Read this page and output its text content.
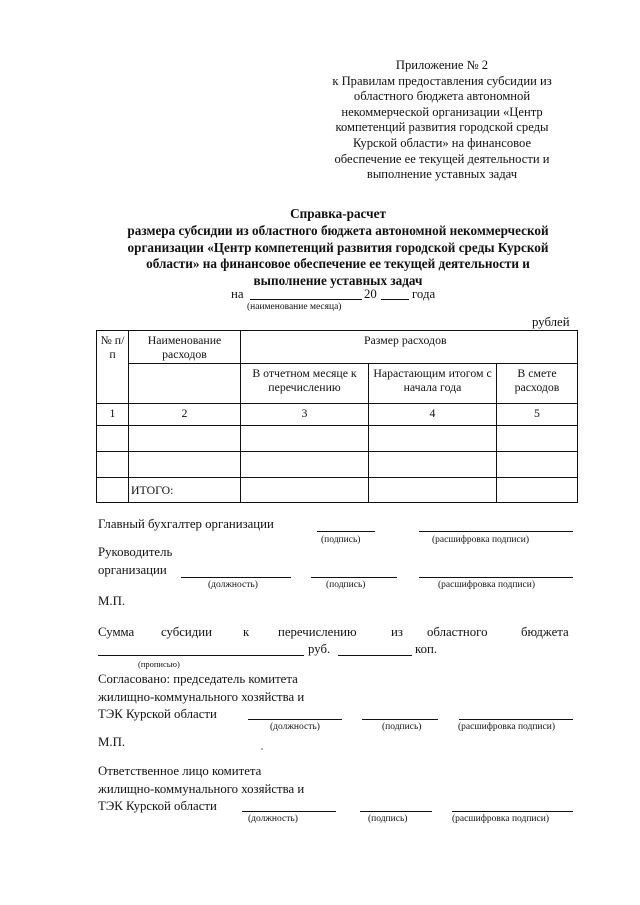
Приложение № 2
к Правилам предоставления субсидии из
областного бюджета автономной
некоммерческой организации «Центр
компетенций развития городской среды
Курской области» на финансовое
обеспечение ее текущей деятельности и
выполнение уставных задач
Справка-расчет
размера субсидии из областного бюджета автономной некоммерческой
организации «Центр компетенций развития городской среды Курской
области» на финансовое обеспечение ее текущей деятельности и
выполнение уставных задач
на	20	года
(наименование месяца)
рублей
№ п/п	Наименование расходов	Размер расходов		
		В отчетном месяце к перечислению	Нарастающим итогом с начала года	В смете расходов
1	2	3	4	5

	ИТОГО:			
Главный бухгалтер организации
(подпись)	(расшифровка подписи)
Руководитель
организации
(должность)	(подпись)	(расшифровка подписи)
М.П.
Сумма субсидии к перечислению	из областного	бюджета
руб.	коп.
(прописью)
Согласовано: председатель комитета
жилищно-коммунального хозяйства и
ТЭК Курской области
(должность)	(подпись)	(расшифровка подписи)
М.П.
Ответственное лицо комитета
жилищно-коммунального хозяйства и
ТЭК Курской области
(должность)	(подпись)	(расшифровка подписи)
